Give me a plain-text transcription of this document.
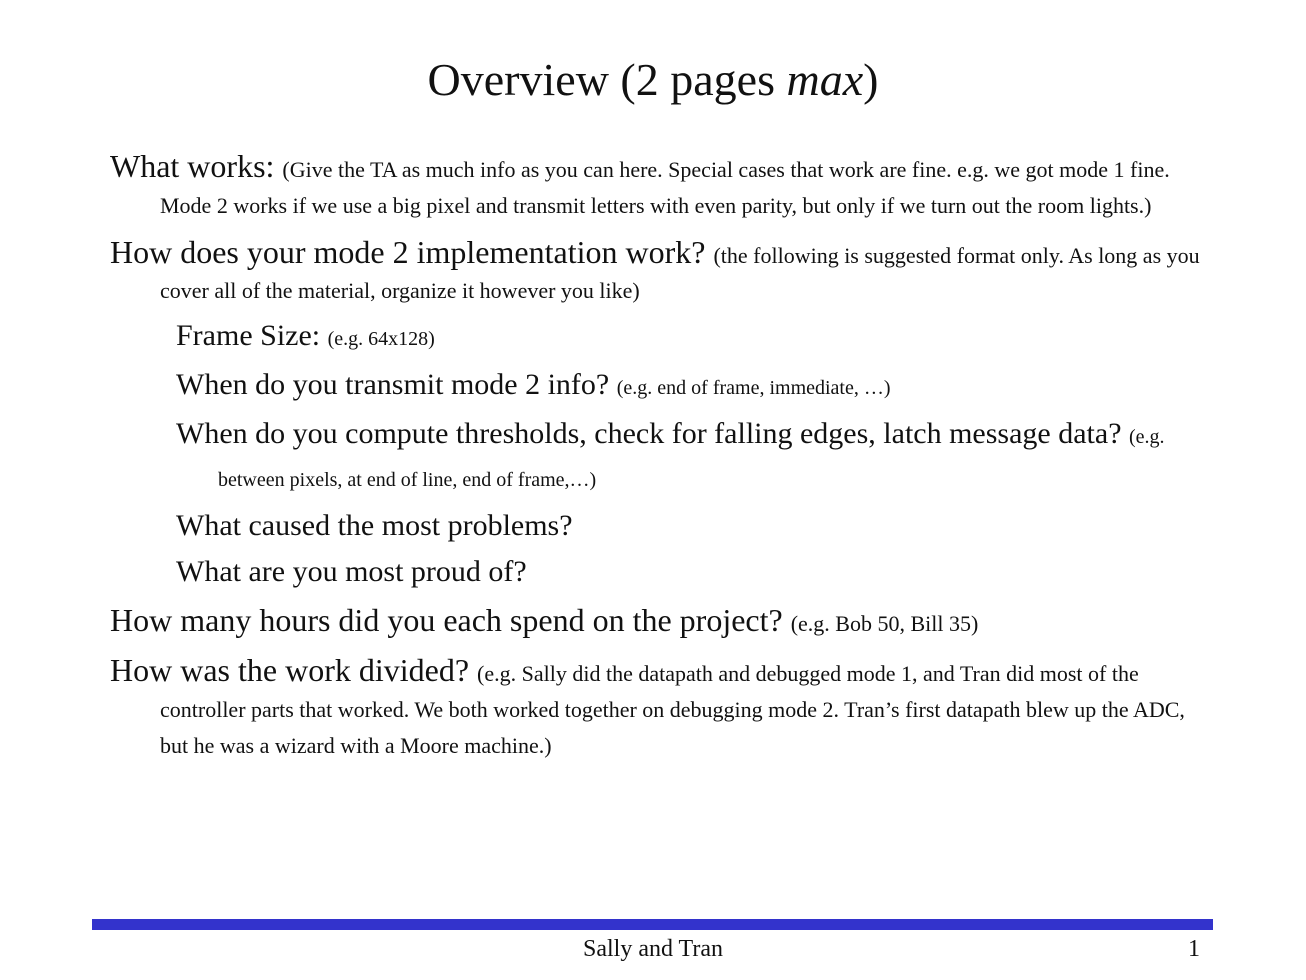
Overview (2 pages max)

What works: (Give the TA as much info as you can here. Special cases that work are fine. e.g. we got mode 1 fine. Mode 2 works if we use a big pixel and transmit letters with even parity, but only if we turn out the room lights.)

How does your mode 2 implementation work? (the following is suggested format only. As long as you cover all of the material, organize it however you like)

Frame Size: (e.g. 64x128)

When do you transmit mode 2 info? (e.g. end of frame, immediate, …)

When do you compute thresholds, check for falling edges, latch message data? (e.g. between pixels, at end of line, end of frame,…)

What caused the most problems?

What are you most proud of?

How many hours did you each spend on the project? (e.g. Bob 50, Bill 35)

How was the work divided? (e.g. Sally did the datapath and debugged mode 1, and Tran did most of the controller parts that worked. We both worked together on debugging mode 2. Tran’s first datapath blew up the ADC, but he was a wizard with a Moore machine.)

Sally and Tran	1
